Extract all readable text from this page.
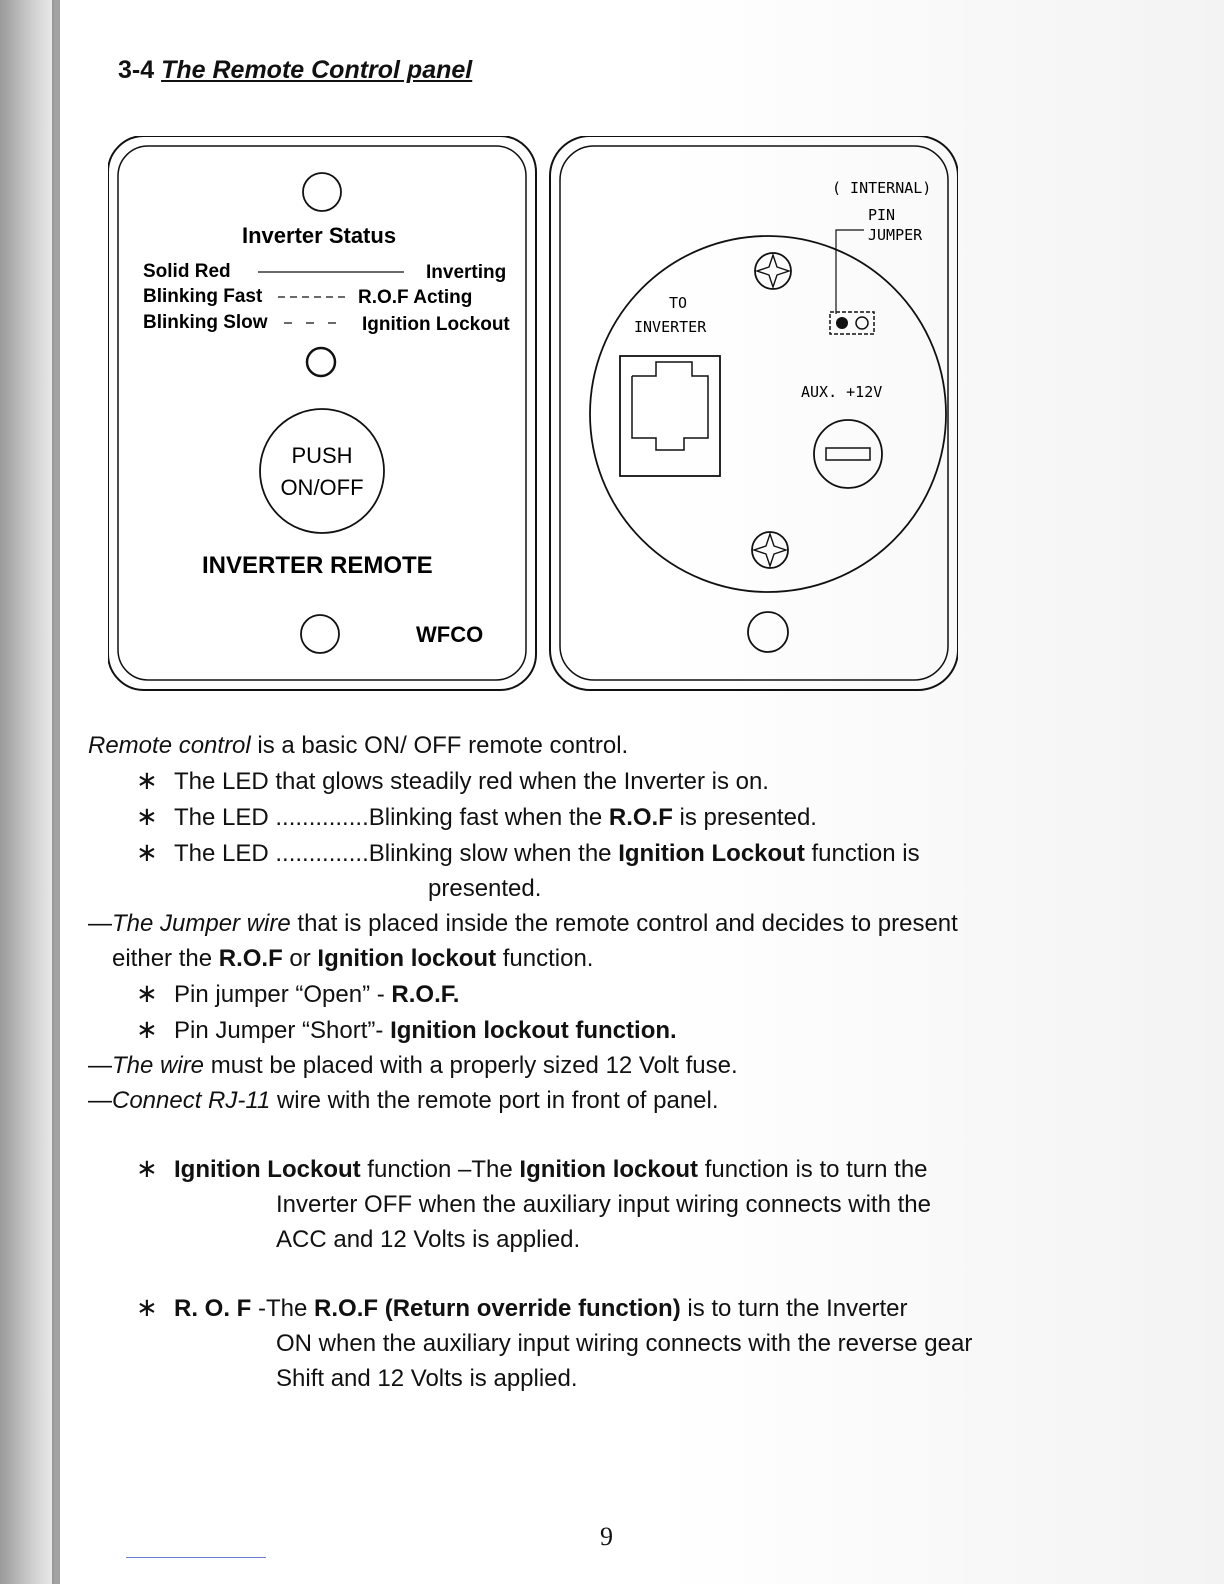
3-4 The Remote Control panel
Inverter Status
Solid Red	Inverting
Blinking Fast	R.O.F Acting
Blinking Slow	Ignition Lockout
PUSH
ON/OFF
INVERTER REMOTE
WFCO
( INTERNAL)
PIN
JUMPER
TO
INVERTER
AUX. +12V
Remote control is a basic ON/ OFF remote control.
∗ The LED that glows steadily red when the Inverter is on.
∗ The LED ..............Blinking fast when the R.O.F is presented.
∗ The LED ..............Blinking slow when the Ignition Lockout function is
presented.
—The Jumper wire that is placed inside the remote control and decides to present
either the R.O.F or Ignition lockout function.
∗ Pin jumper “Open” - R.O.F.
∗ Pin Jumper “Short”- Ignition lockout function.
—The wire must be placed with a properly sized 12 Volt fuse.
—Connect RJ-11 wire with the remote port in front of panel.
∗ Ignition Lockout function –The Ignition lockout function is to turn the
Inverter OFF when the auxiliary input wiring connects with the
ACC and 12 Volts is applied.
∗ R. O. F -The R.O.F (Return override function) is to turn the Inverter
ON when the auxiliary input wiring connects with the reverse gear
Shift and 12 Volts is applied.
9
